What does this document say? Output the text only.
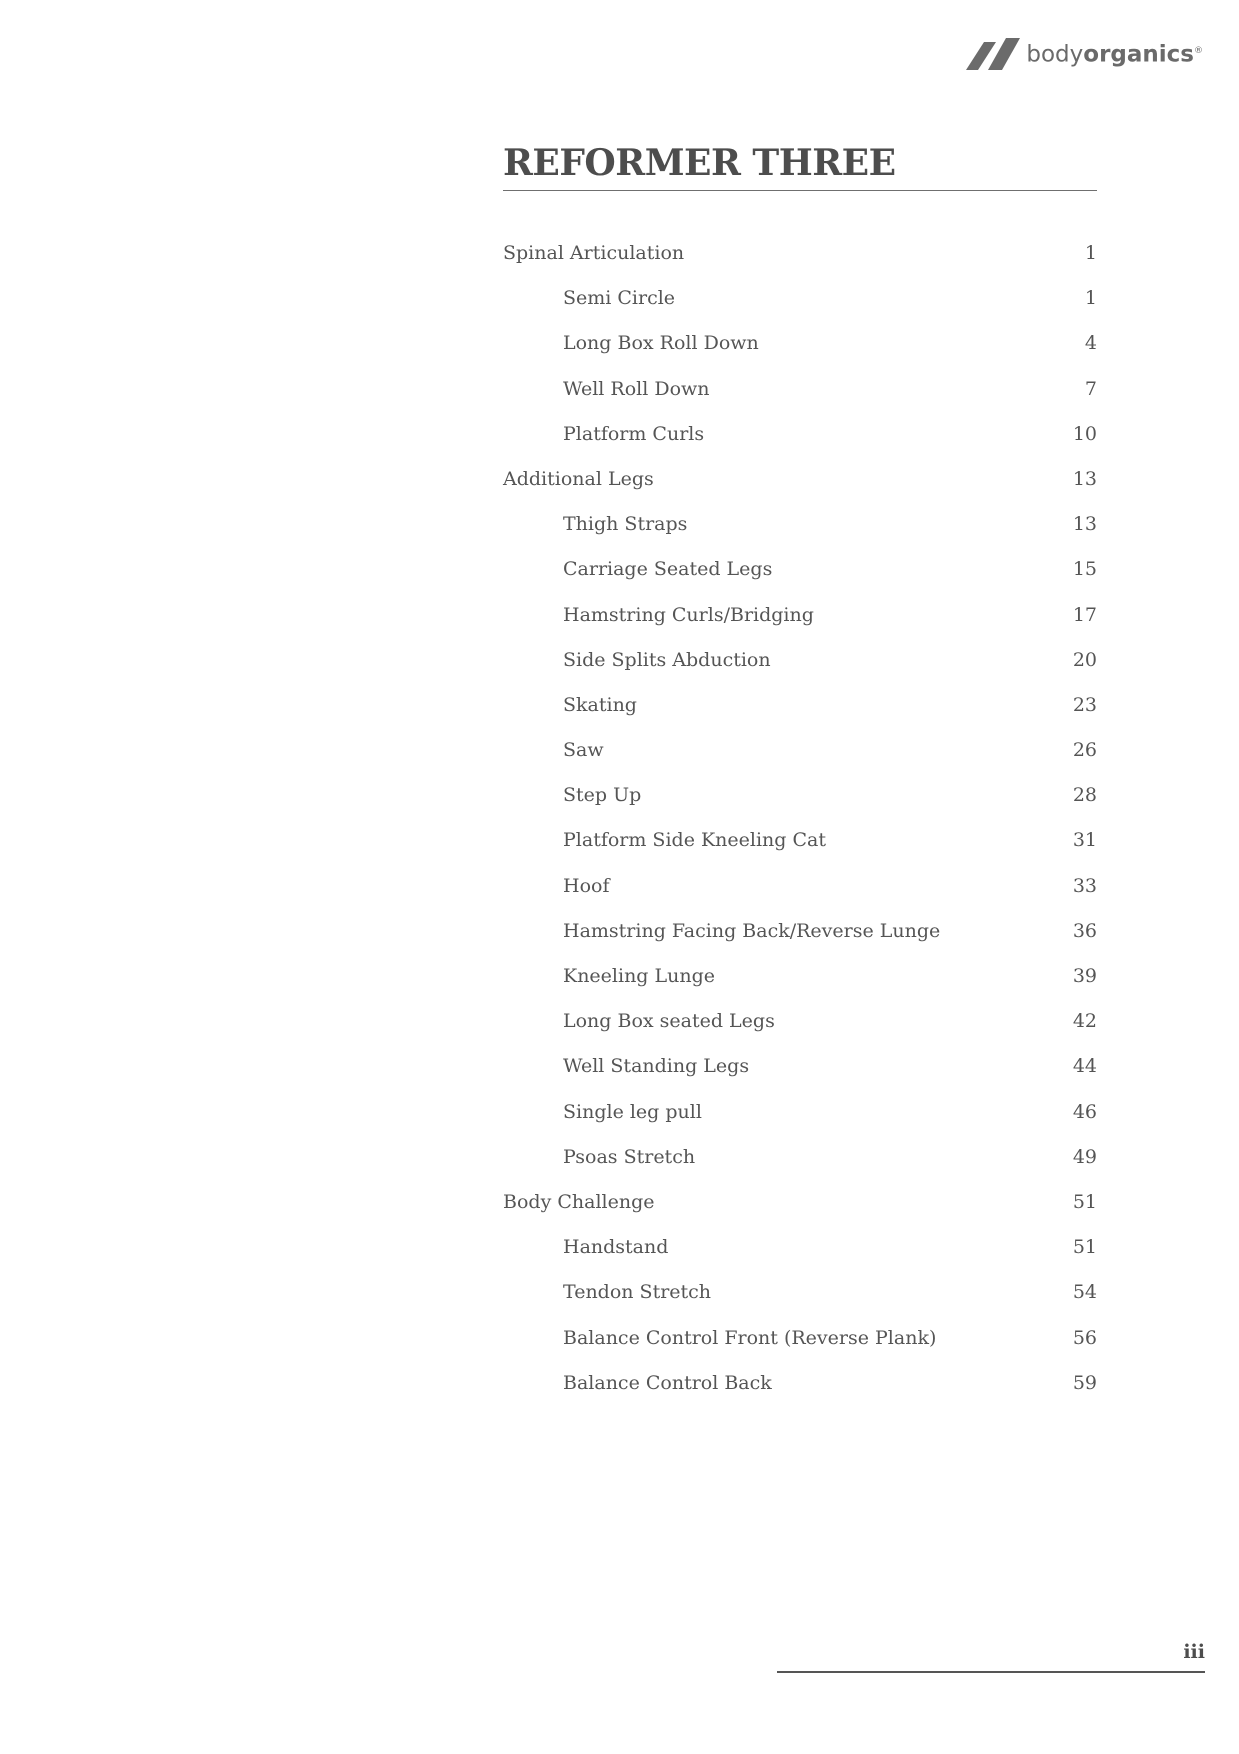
bodyorganics®
REFORMER THREE
Spinal Articulation	1
Semi Circle	1
Long Box Roll Down	4
Well Roll Down	7
Platform Curls	10
Additional Legs	13
Thigh Straps	13
Carriage Seated Legs	15
Hamstring Curls/Bridging	17
Side Splits Abduction	20
Skating	23
Saw	26
Step Up	28
Platform Side Kneeling Cat	31
Hoof	33
Hamstring Facing Back/Reverse Lunge	36
Kneeling Lunge	39
Long Box seated Legs	42
Well Standing Legs	44
Single leg pull	46
Psoas Stretch	49
Body Challenge	51
Handstand	51
Tendon Stretch	54
Balance Control Front (Reverse Plank)	56
Balance Control Back	59
iii
